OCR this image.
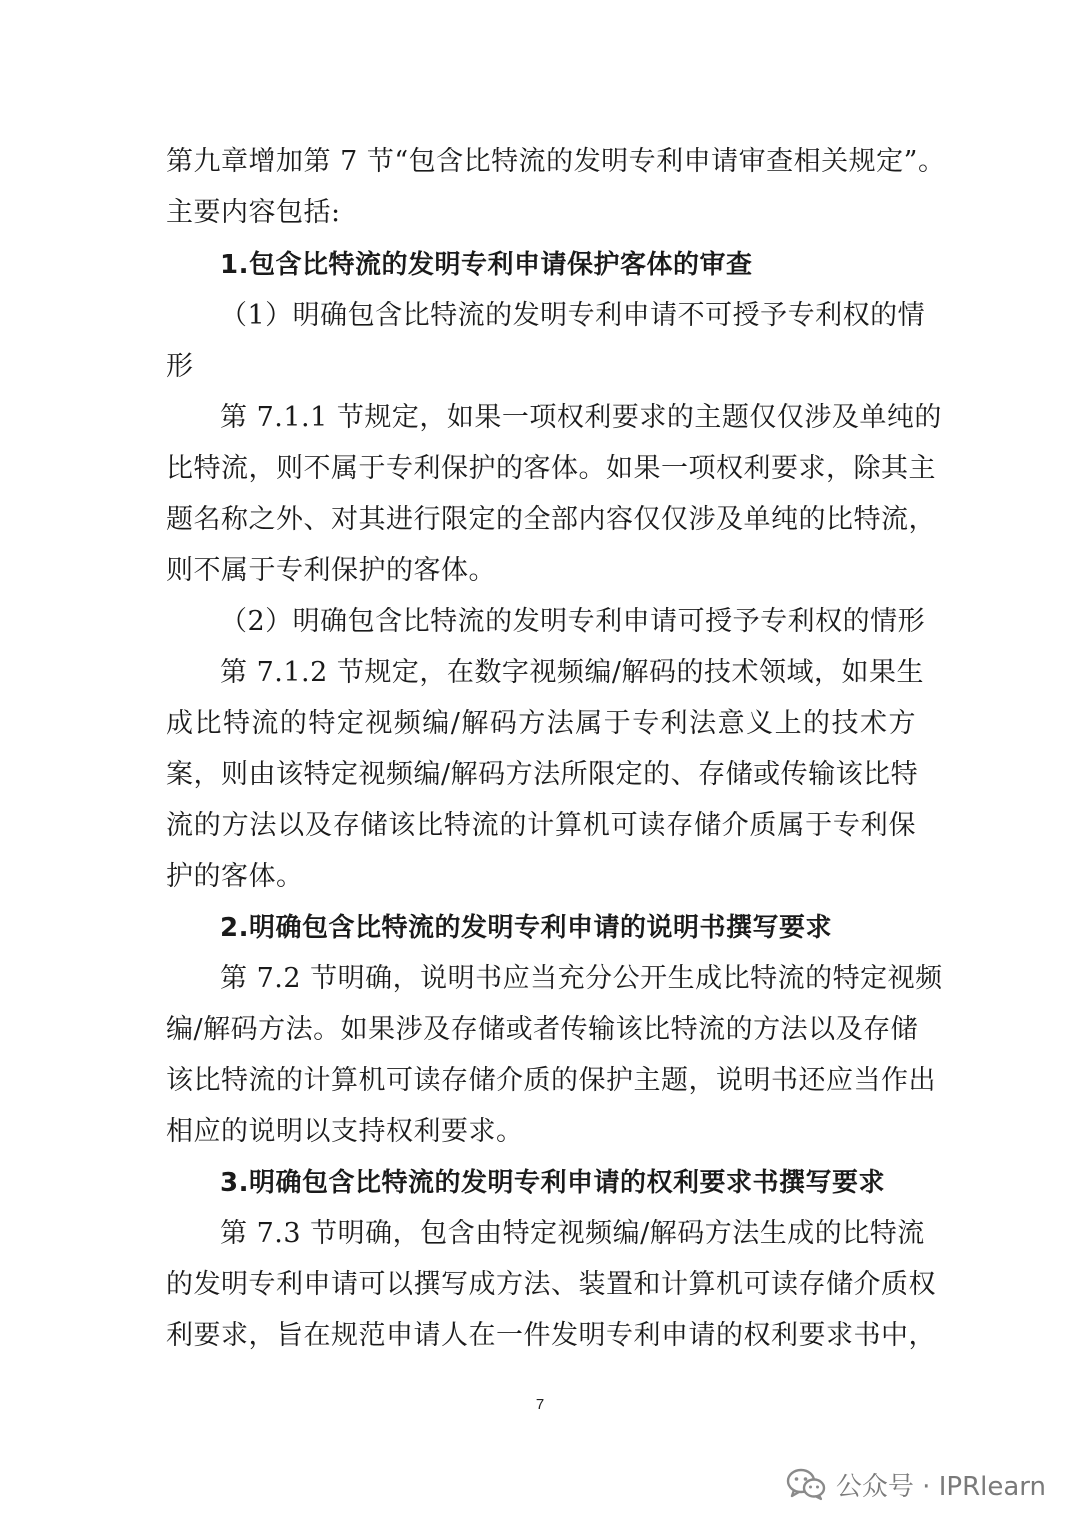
第九章增加第 7 节“包含比特流的发明专利申请审查相关规定”。
主要内容包括:
1.包含比特流的发明专利申请保护客体的审查
（1）明确包含比特流的发明专利申请不可授予专利权的情
形
第 7.1.1 节规定，如果一项权利要求的主题仅仅涉及单纯的
比特流，则不属于专利保护的客体。如果一项权利要求，除其主
题名称之外、对其进行限定的全部内容仅仅涉及单纯的比特流，
则不属于专利保护的客体。
（2）明确包含比特流的发明专利申请可授予专利权的情形
第 7.1.2 节规定，在数字视频编/解码的技术领域，如果生
成比特流的特定视频编/解码方法属于专利法意义上的技术方
案，则由该特定视频编/解码方法所限定的、存储或传输该比特
流的方法以及存储该比特流的计算机可读存储介质属于专利保
护的客体。
2.明确包含比特流的发明专利申请的说明书撰写要求
第 7.2 节明确，说明书应当充分公开生成比特流的特定视频
编/解码方法。如果涉及存储或者传输该比特流的方法以及存储
该比特流的计算机可读存储介质的保护主题，说明书还应当作出
相应的说明以支持权利要求。
3.明确包含比特流的发明专利申请的权利要求书撰写要求
第 7.3 节明确，包含由特定视频编/解码方法生成的比特流
的发明专利申请可以撰写成方法、装置和计算机可读存储介质权
利要求，旨在规范申请人在一件发明专利申请的权利要求书中，
7
公众号 · IPRlearn
